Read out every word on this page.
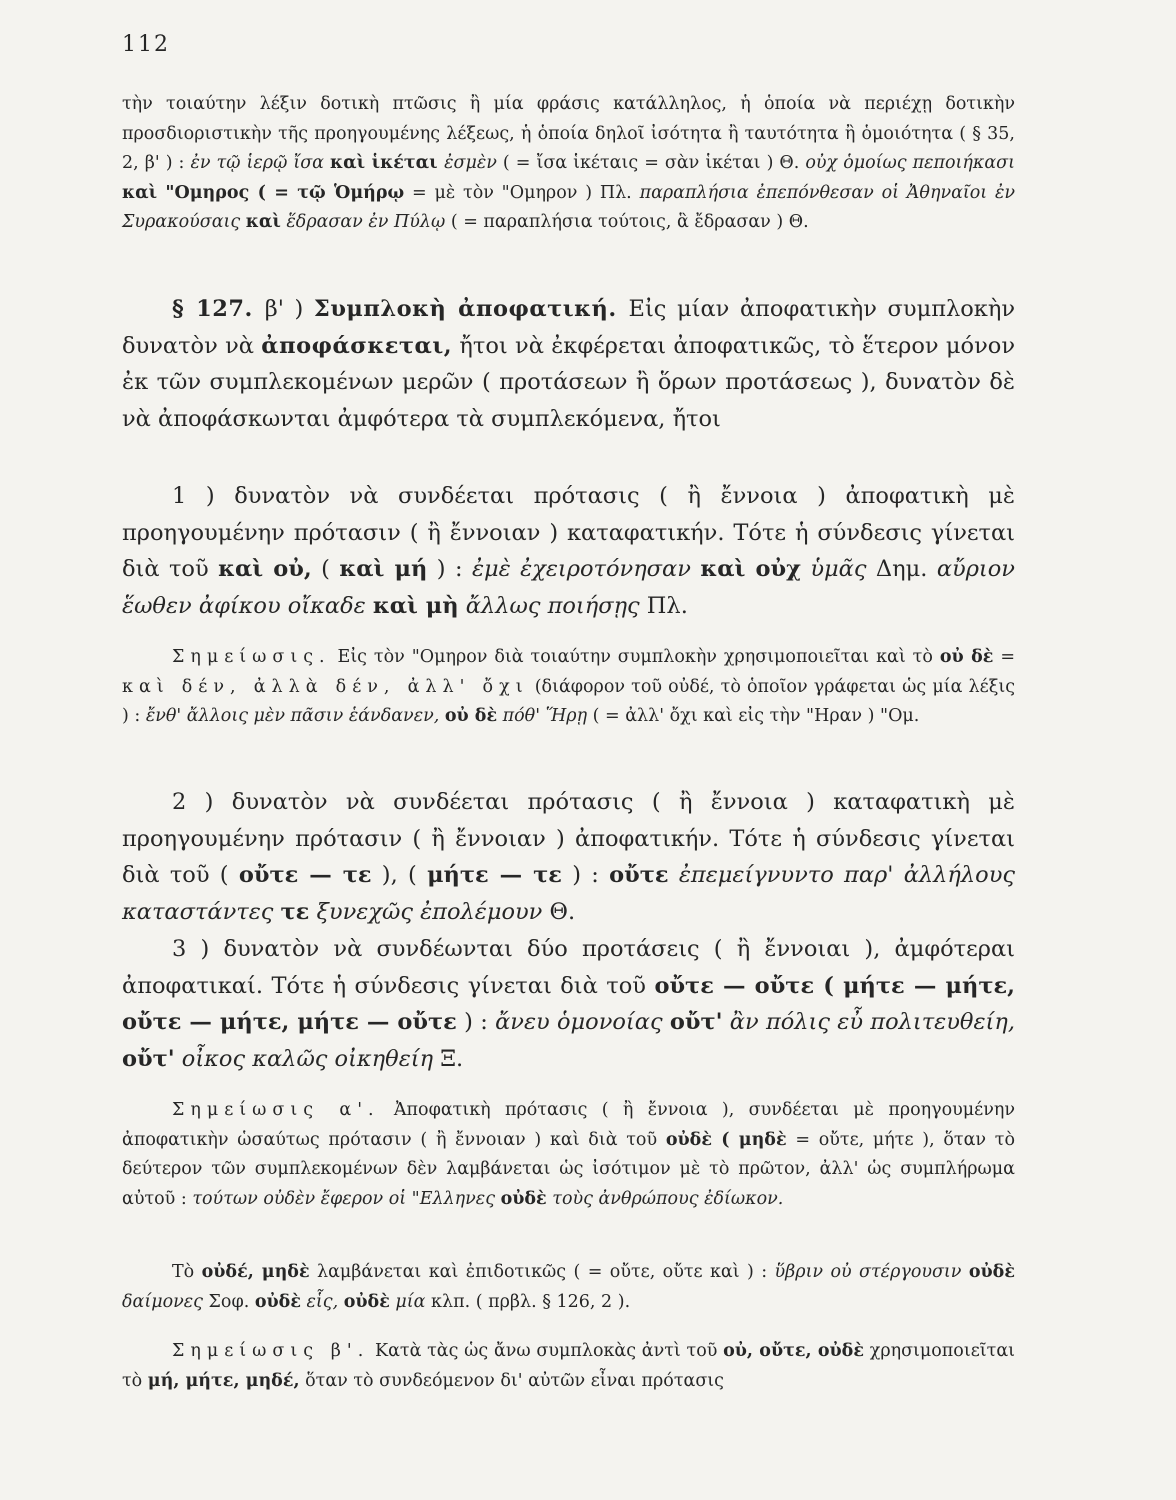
112

τὴν τοιαύτην λέξιν δοτικὴ πτῶσις ἢ μία φράσις κατάλληλος, ἡ ὁποία νὰ περιέχῃ δοτικὴν προσδιοριστικὴν τῆς προηγουμένης λέξεως, ἡ ὁποία δηλοῖ ἰσότητα ἢ ταυτότητα ἢ ὁμοιότητα ( § 35, 2, β' ) : ἐν τῷ ἱερῷ ἴσα καὶ ἱκέται ἐσμὲν ( = ἴσα ἱκέταις = σὰν ἱκέται ) Θ. οὐχ ὁμοίως πεποιήκασι καὶ "Ομηρος ( = τῷ Ὁμήρῳ = μὲ τὸν "Ομηρον ) Πλ. παραπλήσια ἐπεπόνθεσαν οἱ Ἀθηναῖοι ἐν Συρακούσαις καὶ ἕδρασαν ἐν Πύλῳ ( = παραπλήσια τούτοις, ἃ ἔδρασαν ) Θ.

§ 127. β' ) Συμπλοκὴ ἀποφατική. Εἰς μίαν ἀποφατικὴν συμπλοκὴν δυνατὸν νὰ ἀποφάσκεται, ἤτοι νὰ ἐκφέρεται ἀποφατικῶς, τὸ ἕτερον μόνον ἐκ τῶν συμπλεκομένων μερῶν ( προτάσεων ἢ ὅρων προτάσεως ), δυνατὸν δὲ νὰ ἀποφάσκωνται ἀμφότερα τὰ συμπλεκόμενα, ἤτοι

1 ) δυνατὸν νὰ συνδέεται πρότασις ( ἢ ἔννοια ) ἀποφατικὴ μὲ προηγουμένην πρότασιν ( ἢ ἔννοιαν ) καταφατικήν. Τότε ἡ σύνδεσις γίνεται διὰ τοῦ καὶ οὐ, ( καὶ μή ) : ἐμὲ ἐχειροτόνησαν καὶ οὐχ ὑμᾶς Δημ. αὔριον ἕωθεν ἀφίκου οἴκαδε καὶ μὴ ἄλλως ποιήσῃς Πλ.

Σημείωσις. Εἰς τὸν "Ομηρον διὰ τοιαύτην συμπλοκὴν χρησιμοποιεῖται καὶ τὸ οὐ δὲ = καὶ δέν, ἀλλὰ δέν, ἀλλ' ὄχι (διάφορον τοῦ οὐδέ, τὸ ὁποῖον γράφεται ὡς μία λέξις ) : ἔνθ' ἄλλοις μὲν πᾶσιν ἑάνδανεν, οὐ δὲ πόθ' Ἥρῃ ( = ἀλλ' ὄχι καὶ εἰς τὴν "Ηραν ) "Ομ.

2 ) δυνατὸν νὰ συνδέεται πρότασις ( ἢ ἔννοια ) καταφατικὴ μὲ προηγουμένην πρότασιν ( ἢ ἔννοιαν ) ἀποφατικήν. Τότε ἡ σύνδεσις γίνεται διὰ τοῦ ( οὔτε — τε ), ( μήτε — τε ) : οὔτε ἐπεμείγνυντο παρ' ἀλλήλους καταστάντες τε ξυνεχῶς ἐπολέμουν Θ.

3 ) δυνατὸν νὰ συνδέωνται δύο προτάσεις ( ἢ ἔννοιαι ), ἀμφότεραι ἀποφατικαί. Τότε ἡ σύνδεσις γίνεται διὰ τοῦ οὔτε — οὔτε ( μήτε — μήτε, οὔτε — μήτε, μήτε — οὔτε ) : ἄνευ ὁμονοίας οὔτ' ἂν πόλις εὖ πολιτευθείη, οὔτ' οἶκος καλῶς οἰκηθείη Ξ.

Σημείωσις α'. Ἀποφατικὴ πρότασις ( ἢ ἔννοια ), συνδέεται μὲ προηγουμένην ἀποφατικὴν ὡσαύτως πρότασιν ( ἢ ἔννοιαν ) καὶ διὰ τοῦ οὐδὲ ( μηδὲ = οὔτε, μήτε ), ὅταν τὸ δεύτερον τῶν συμπλεκομένων δὲν λαμβάνεται ὡς ἰσότιμον μὲ τὸ πρῶτον, ἀλλ' ὡς συμπλήρωμα αὐτοῦ : τούτων οὐδὲν ἔφερον οἱ "Ελληνες οὐδὲ τοὺς ἀνθρώπους ἐδίωκον.

Τὸ οὐδέ, μηδὲ λαμβάνεται καὶ ἐπιδοτικῶς ( = οὔτε, οὔτε καὶ ) : ὕβριν οὐ στέργουσιν οὐδὲ δαίμονες Σοφ. οὐδὲ εἷς, οὐδὲ μία κλπ. ( πρβλ. § 126, 2 ).

Σημείωσις β'. Κατὰ τὰς ὡς ἄνω συμπλοκὰς ἀντὶ τοῦ οὐ, οὔτε, οὐδὲ χρησιμοποιεῖται τὸ μή, μήτε, μηδέ, ὅταν τὸ συνδεόμενον δι' αὐτῶν εἶναι πρότασις
